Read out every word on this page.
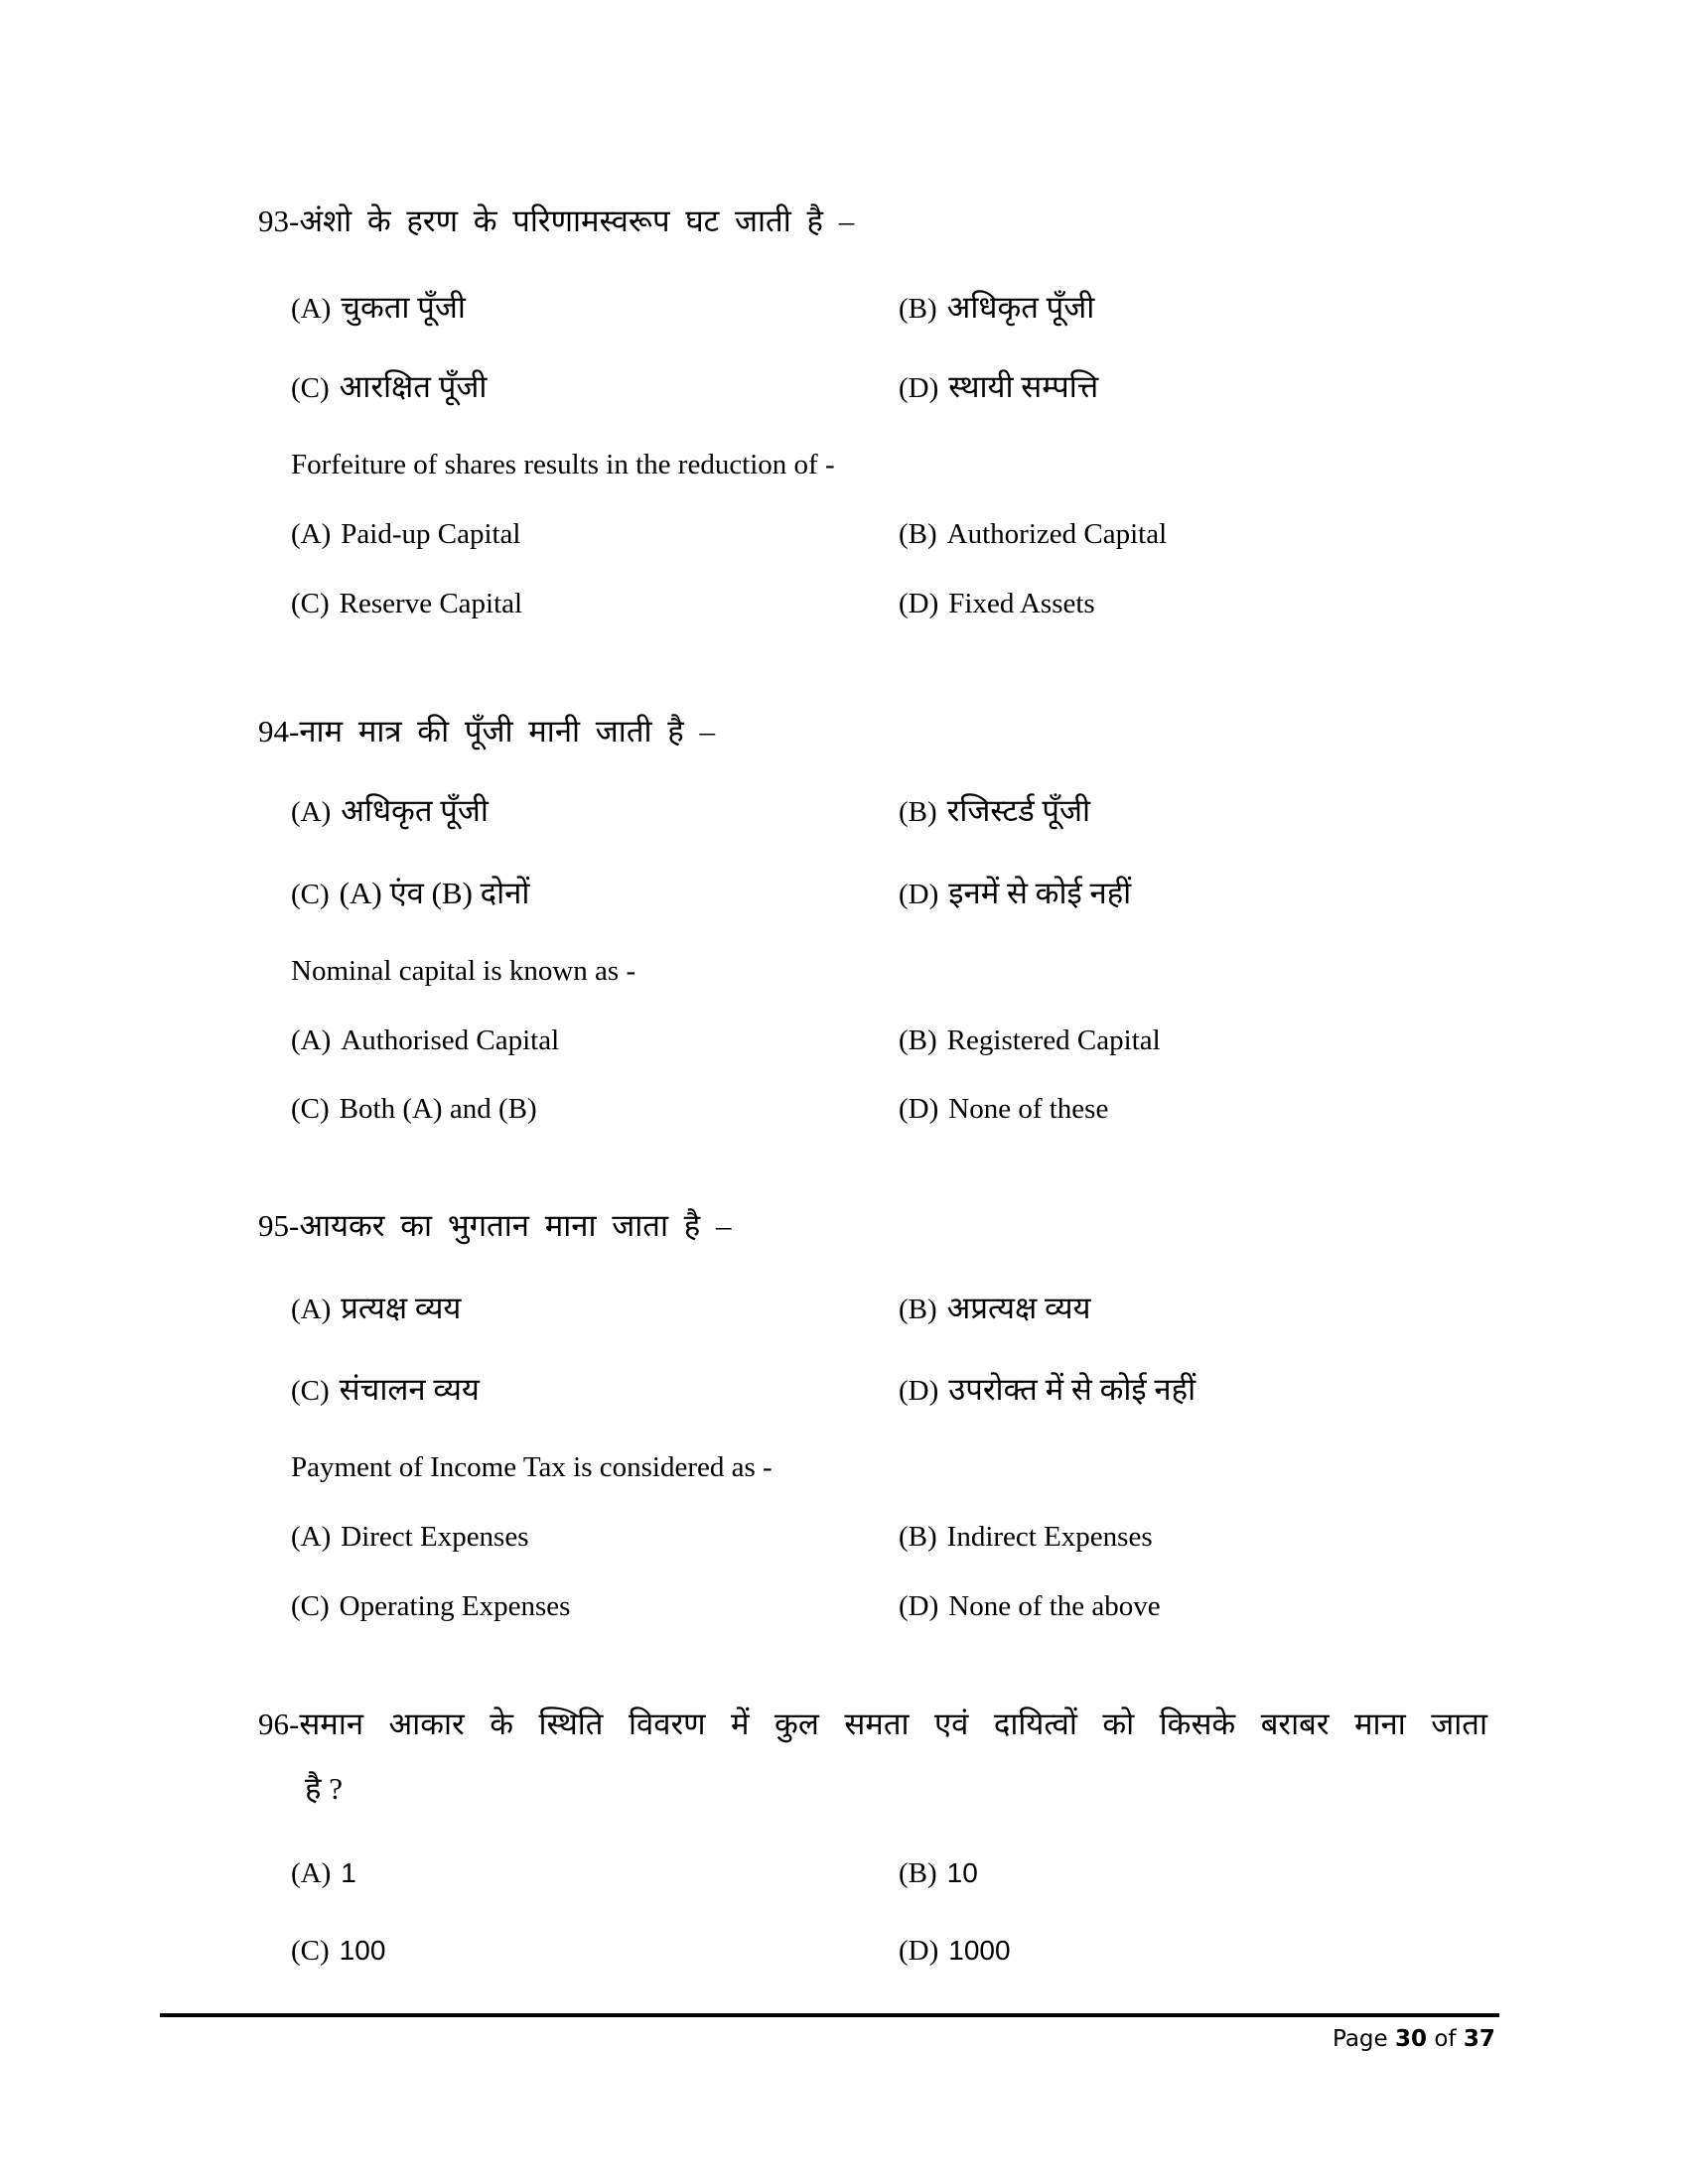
93-अंशो के हरण के परिणामस्वरूप घट जाती है –
(A) चुकता पूँजी	(B) अधिकृत पूँजी
(C) आरक्षित पूँजी	(D) स्थायी सम्पत्ति
Forfeiture of shares results in the reduction of -
(A) Paid-up Capital	(B) Authorized Capital
(C) Reserve Capital	(D) Fixed Assets
94-नाम मात्र की पूँजी मानी जाती है –
(A) अधिकृत पूँजी	(B) रजिस्टर्ड पूँजी
(C) (A) एंव (B) दोनों	(D) इनमें से कोई नहीं
Nominal capital is known as -
(A) Authorised Capital	(B) Registered Capital
(C) Both (A) and (B)	(D) None of these
95-आयकर का भुगतान माना जाता है –
(A) प्रत्यक्ष व्यय	(B) अप्रत्यक्ष व्यय
(C) संचालन व्यय	(D) उपरोक्त में से कोई नहीं
Payment of Income Tax is considered as -
(A) Direct Expenses	(B) Indirect Expenses
(C) Operating Expenses	(D) None of the above
96-समान आकार के स्थिति विवरण में कुल समता एवं दायित्वों को किसके बराबर माना जाता
है ?
(A) 1	(B) 10
(C) 100	(D) 1000
Page 30 of 37
